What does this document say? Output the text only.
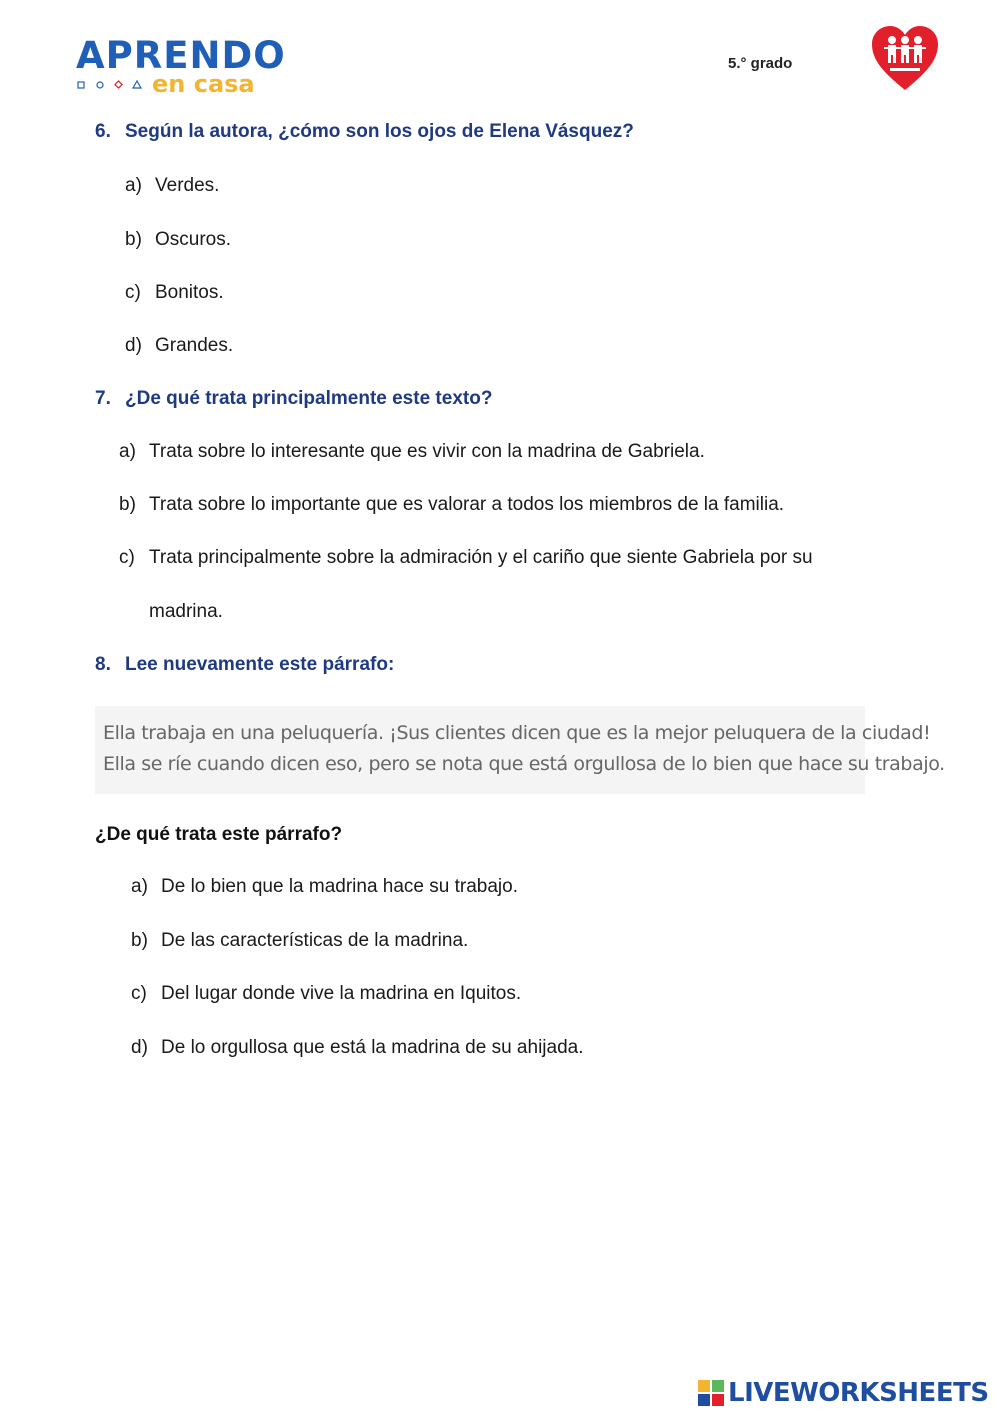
APRENDO
en casa
5.° grado
6. Según la autora, ¿cómo son los ojos de Elena Vásquez?
a) Verdes.
b) Oscuros.
c) Bonitos.
d) Grandes.
7. ¿De qué trata principalmente este texto?
a) Trata sobre lo interesante que es vivir con la madrina de Gabriela.
b) Trata sobre lo importante que es valorar a todos los miembros de la familia.
c) Trata principalmente sobre la admiración y el cariño que siente Gabriela por su
madrina.
8. Lee nuevamente este párrafo:
Ella trabaja en una peluquería. ¡Sus clientes dicen que es la mejor peluquera de la ciudad!
Ella se ríe cuando dicen eso, pero se nota que está orgullosa de lo bien que hace su trabajo.
¿De qué trata este párrafo?
a) De lo bien que la madrina hace su trabajo.
b) De las características de la madrina.
c) Del lugar donde vive la madrina en Iquitos.
d) De lo orgullosa que está la madrina de su ahijada.
LIVEWORKSHEETS
